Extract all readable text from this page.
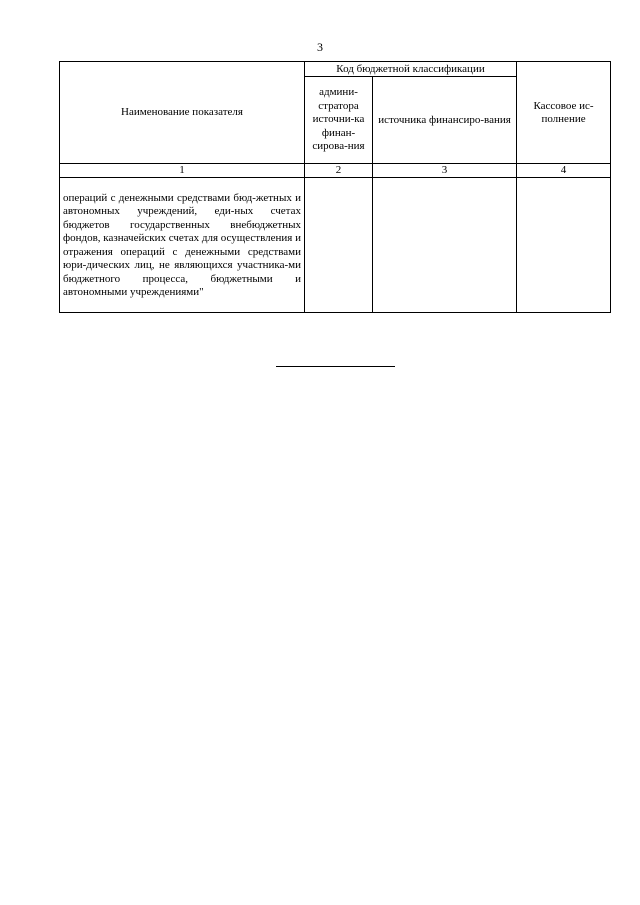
3
Наименование показателя	Код бюджетной классификации		Кассовое ис-полнение
	админи-стратора источни-ка финан-сирова-ния	источника финансиро-вания	
1	2	3	4
операций с денежными средствами бюд-жетных и автономных учреждений, еди-ных счетах бюджетов государственных внебюджетных фондов, казначейских счетах для осуществления и отражения операций с денежными средствами юри-дических лиц, не являющихся участника-ми бюджетного процесса, бюджетными и автономными учреждениями"			
